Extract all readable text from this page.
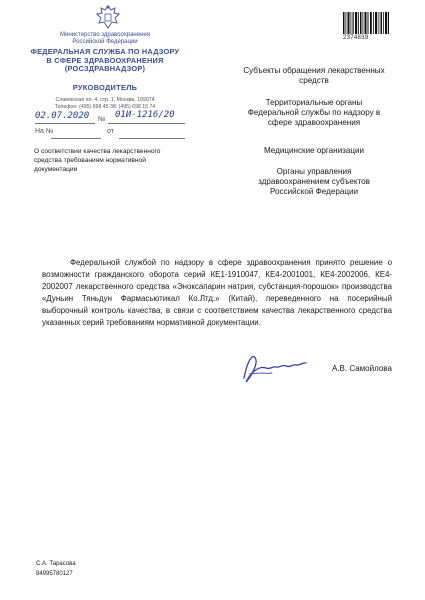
Министерство здравоохранения
Российской Федерации
ФЕДЕРАЛЬНАЯ СЛУЖБА ПО НАДЗОРУ
В СФЕРЕ ЗДРАВООХРАНЕНИЯ
(РОСЗДРАВНАДЗОР)
РУКОВОДИТЕЛЬ
Славянская пл. 4, стр. 1, Москва, 109074
Телефон: (495) 698 45 38; (495) 698 15 74
№
02.07.2020	01И-1216/20
На №	от
О соответствии качества лекарственного средства требованиям нормативной документации
2374839
Субъекты обращения лекарственных средств
Территориальные органы Федеральной службы по надзору в сфере здравоохранения
Медицинские организации
Органы управления здравоохранением субъектов Российской Федерации
Федеральной службой по надзору в сфере здравоохранения принято решение о возможности гражданского оборота серий КЕ1-1910047, КЕ4-2001001, КЕ4-2002006, КЕ4-2002007 лекарственного средства «Эноксапарин натрия, субстанция-порошок» производства «Дуньин Тяньдун Фармасьютикал Ко.Лтд.» (Китай), переведенного на посерийный выборочный контроль качества, в связи с соответствием качества лекарственного средства указанных серий требованиям нормативной документации.
А.В. Самойлова
С.А. Тарасова
84995780127
